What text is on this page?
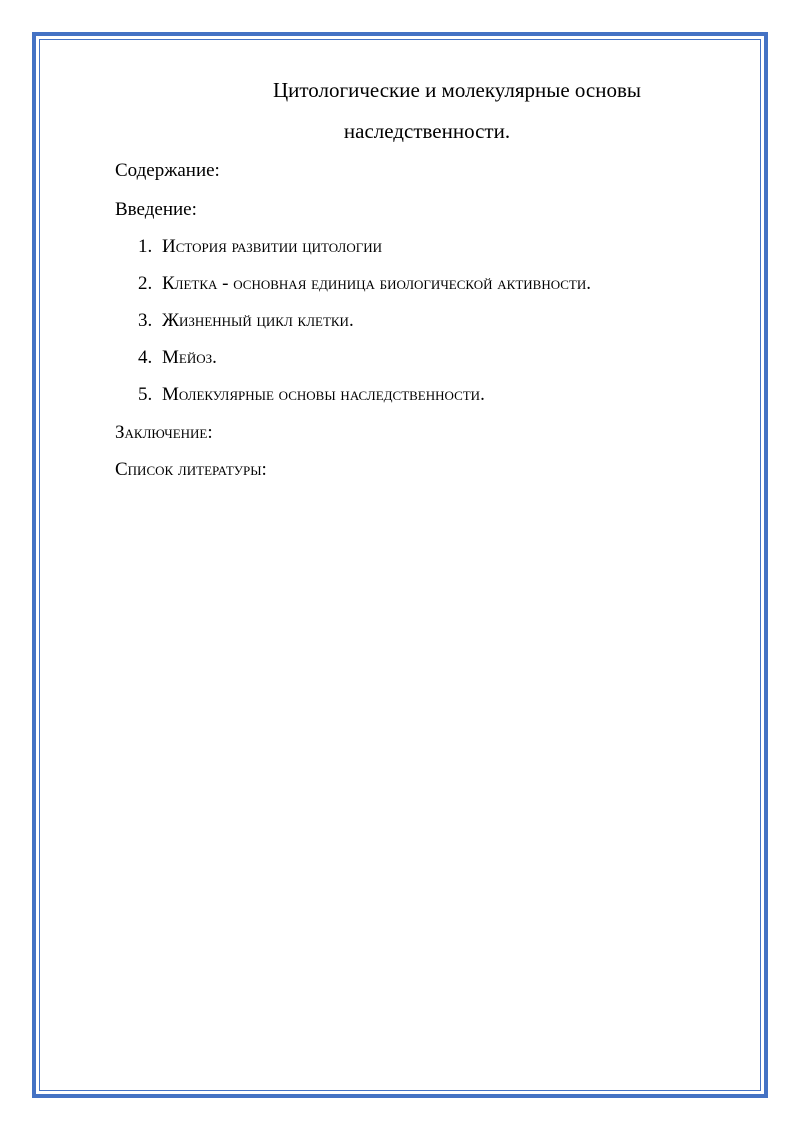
Цитологические и молекулярные основы
наследственности.
Содержание:
Введение:
1. История развитии цитологии
2. Клетка - основная единица биологической активности.
3. Жизненный цикл клетки.
4. Мейоз.
5. Молекулярные основы наследственности.
Заключение:
Список литературы:
